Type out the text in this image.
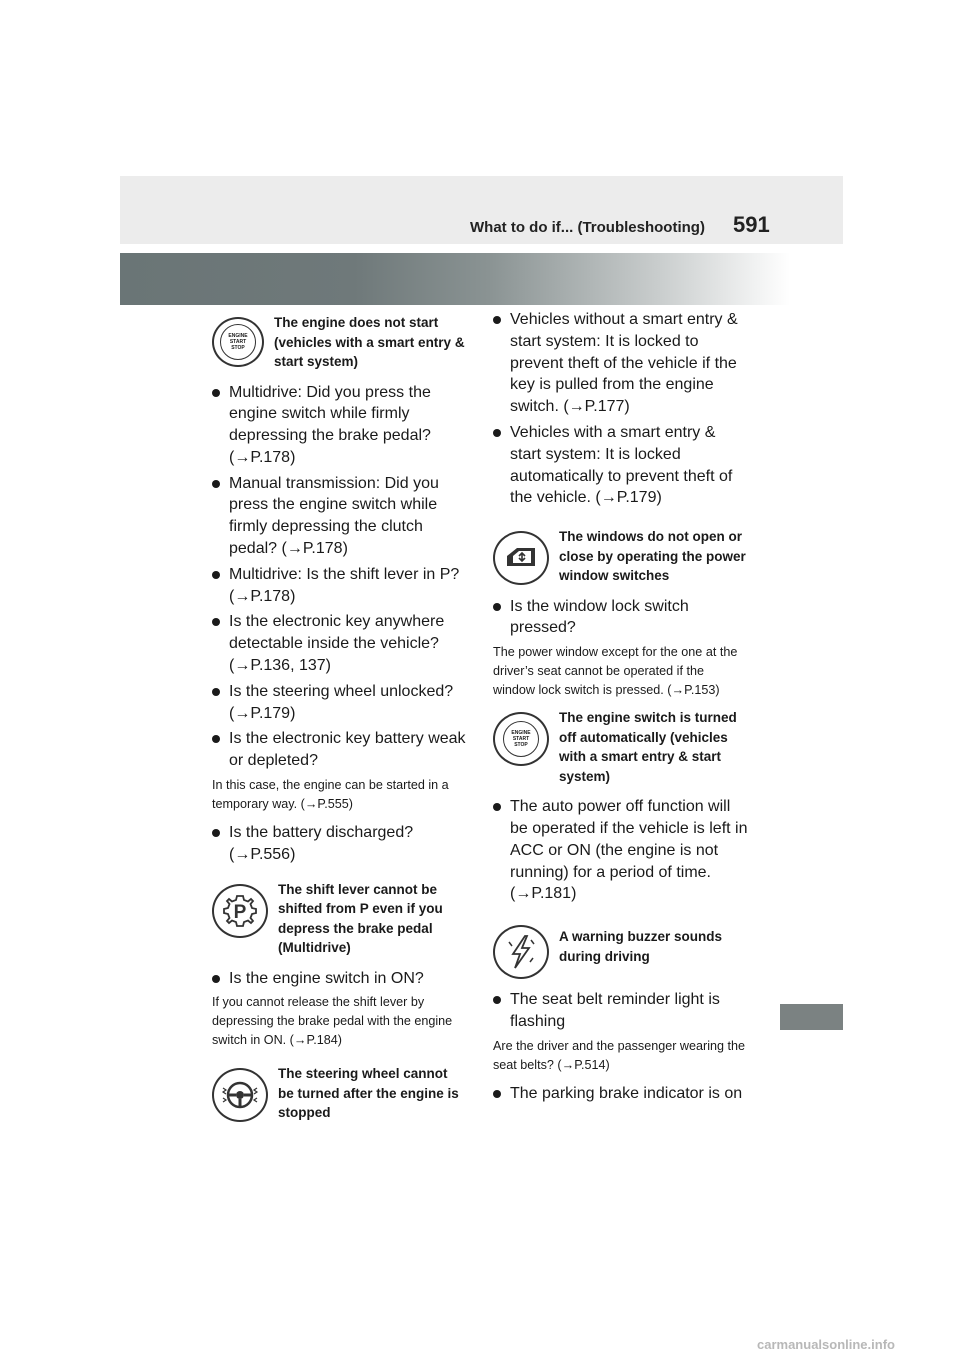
What to do if... (Troubleshooting) 591
ENGINE
START
STOP
The engine does not start (vehicles with a smart entry & start system)
Multidrive: Did you press the engine switch while firmly depressing the brake pedal? (→P.178)
Manual transmission: Did you press the engine switch while firmly depressing the clutch pedal? (→P.178)
Multidrive: Is the shift lever in P? (→P.178)
Is the electronic key anywhere detectable inside the vehicle? (→P.136, 137)
Is the steering wheel unlocked? (→P.179)
Is the electronic key battery weak or depleted?
In this case, the engine can be started in a temporary way. (→P.555)
Is the battery discharged? (→P.556)
P
The shift lever cannot be shifted from P even if you depress the brake pedal (Multidrive)
Is the engine switch in ON?
If you cannot release the shift lever by depressing the brake pedal with the engine switch in ON. (→P.184)
The steering wheel cannot be turned after the engine is stopped
Vehicles without a smart entry & start system: It is locked to prevent theft of the vehicle if the key is pulled from the engine switch. (→P.177)
Vehicles with a smart entry & start system: It is locked automatically to prevent theft of the vehicle. (→P.179)
The windows do not open or close by operating the power window switches
Is the window lock switch pressed?
The power window except for the one at the driver’s seat cannot be operated if the window lock switch is pressed. (→P.153)
ENGINE
START
STOP
The engine switch is turned off automatically (vehicles with a smart entry & start system)
The auto power off function will be operated if the vehicle is left in ACC or ON (the engine is not running) for a period of time. (→P.181)
A warning buzzer sounds during driving
The seat belt reminder light is flashing
Are the driver and the passenger wearing the seat belts? (→P.514)
The parking brake indicator is on
carmanualsonline.info
